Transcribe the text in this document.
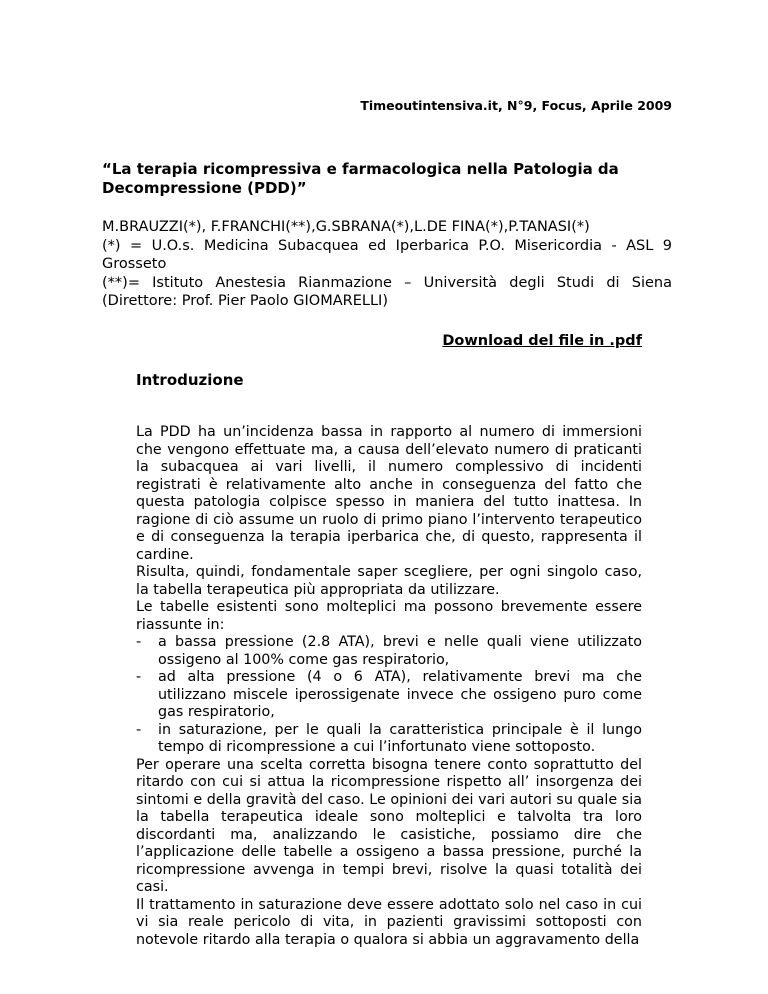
Timeoutintensiva.it, N°9, Focus, Aprile 2009
“La terapia ricompressiva e farmacologica nella Patologia da Decompressione (PDD)”

M.BRAUZZI(*), F.FRANCHI(**),G.SBRANA(*),L.DE FINA(*),P.TANASI(*)

(*) = U.O.s. Medicina Subacquea ed Iperbarica P.O. Misericordia - ASL 9 Grosseto

(**)= Istituto Anestesia Rianmazione – Università degli Studi di Siena (Direttore: Prof. Pier Paolo GIOMARELLI)

Download del file in .pdf
Introduzione

La PDD ha un’incidenza bassa in rapporto al numero di immersioni che vengono effettuate ma, a causa dell’elevato numero di praticanti la subacquea ai vari livelli, il numero complessivo di incidenti registrati è relativamente alto anche in conseguenza del fatto che questa patologia colpisce spesso in maniera del tutto inattesa. In ragione di ciò assume un ruolo di primo piano l’intervento terapeutico e di conseguenza la terapia iperbarica che, di questo, rappresenta il cardine.

Risulta, quindi, fondamentale saper scegliere, per ogni singolo caso, la tabella terapeutica più appropriata da utilizzare.

Le tabelle esistenti sono molteplici ma possono brevemente essere riassunte in:

- a bassa pressione (2.8 ATA), brevi e nelle quali viene utilizzato ossigeno al 100% come gas respiratorio,
- ad alta pressione (4 o 6 ATA), relativamente brevi ma che utilizzano miscele iperossigenate invece che ossigeno puro come gas respiratorio,
- in saturazione, per le quali la caratteristica principale è il lungo tempo di ricompressione a cui l’infortunato viene sottoposto.

Per operare una scelta corretta bisogna tenere conto soprattutto del ritardo con cui si attua la ricompressione rispetto all’ insorgenza dei sintomi e della gravità del caso. Le opinioni dei vari autori su quale sia la tabella terapeutica ideale sono molteplici e talvolta tra loro discordanti ma, analizzando le casistiche, possiamo dire che l’applicazione delle tabelle a ossigeno a bassa pressione, purché la ricompressione avvenga in tempi brevi, risolve la quasi totalità dei casi.

Il trattamento in saturazione deve essere adottato solo nel caso in cui vi sia reale pericolo di vita, in pazienti gravissimi sottoposti con notevole ritardo alla terapia o qualora si abbia un aggravamento della
